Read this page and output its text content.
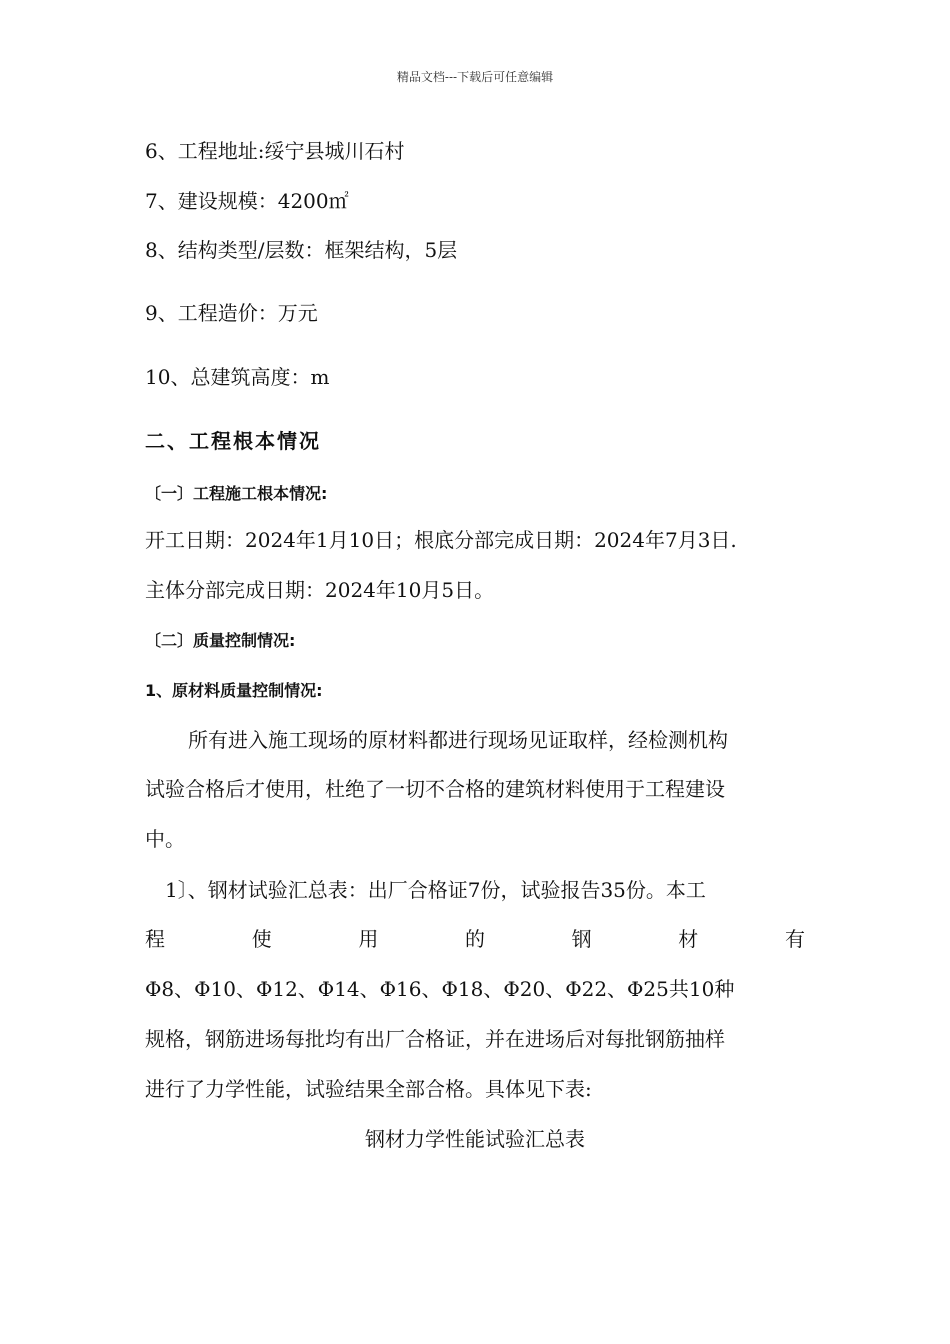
精品文档---下载后可任意编辑
6、工程地址:绥宁县城川石村
7、建设规模：4200㎡
8、结构类型/层数：框架结构，5层
9、工程造价：万元
10、总建筑高度：m
二、工程根本情况
〔一〕工程施工根本情况:
开工日期：2024年1月10日；根底分部完成日期：2024年7月3日.
主体分部完成日期：2024年10月5日。
〔二〕质量控制情况:
1、原材料质量控制情况:
所有进入施工现场的原材料都进行现场见证取样，经检测机构
试验合格后才使用，杜绝了一切不合格的建筑材料使用于工程建设
中。
1〕、钢材试验汇总表：出厂合格证7份，试验报告35份。本工
程	使	用	的	钢	材	有
Φ8、Φ10、Φ12、Φ14、Φ16、Φ18、Φ20、Φ22、Φ25共10种
规格，钢筋进场每批均有出厂合格证，并在进场后对每批钢筋抽样
进行了力学性能，试验结果全部合格。具体见下表:
钢材力学性能试验汇总表
